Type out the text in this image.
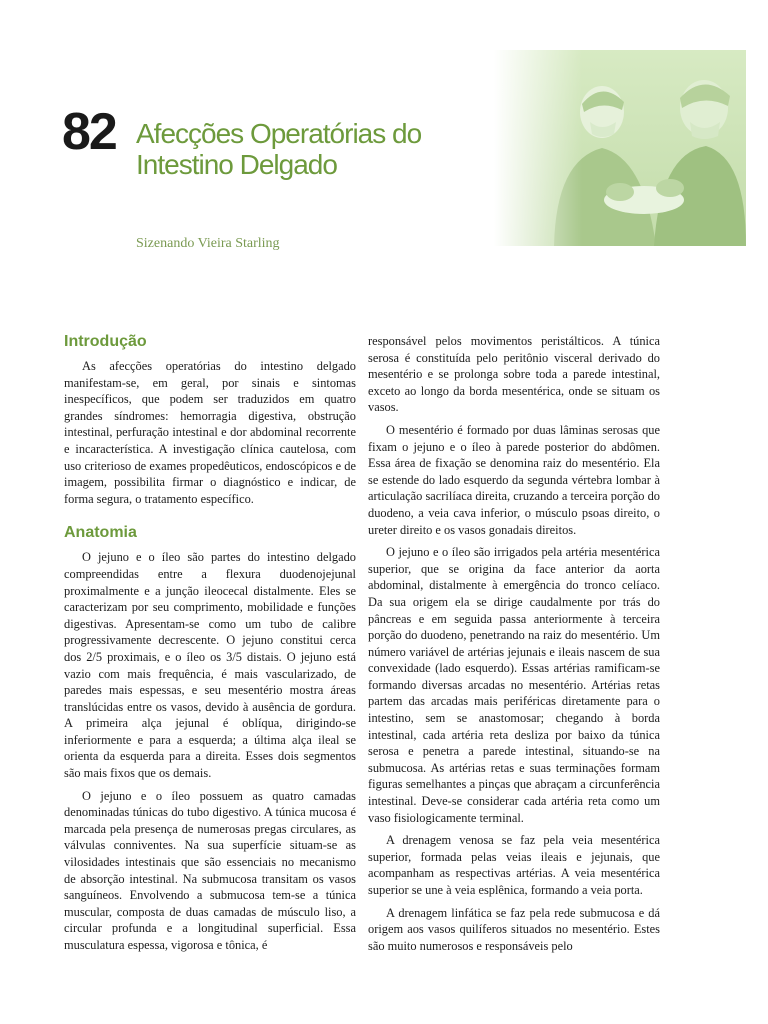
82 Afecções Operatórias do Intestino Delgado
Sizenando Vieira Starling
Introdução

As afecções operatórias do intestino delgado manifestam-se, em geral, por sinais e sintomas inespecíficos, que podem ser traduzidos em quatro grandes síndromes: hemorragia digestiva, obstrução intestinal, perfuração intestinal e dor abdominal recorrente e incaracterística. A investigação clínica cautelosa, com uso criterioso de exames propedêuticos, endoscópicos e de imagem, possibilita firmar o diagnóstico e indicar, de forma segura, o tratamento específico.

Anatomia

O jejuno e o íleo são partes do intestino delgado compreendidas entre a flexura duodenojejunal proximalmente e a junção ileocecal distalmente. Eles se caracterizam por seu comprimento, mobilidade e funções digestivas. Apresentam-se como um tubo de calibre progressivamente decrescente. O jejuno constitui cerca dos 2/5 proximais, e o íleo os 3/5 distais. O jejuno está vazio com mais frequência, é mais vascularizado, de paredes mais espessas, e seu mesentério mostra áreas translúcidas entre os vasos, devido à ausência de gordura. A primeira alça jejunal é oblíqua, dirigindo-se inferiormente e para a esquerda; a última alça ileal se orienta da esquerda para a direita. Esses dois segmentos são mais fixos que os demais.

O jejuno e o íleo possuem as quatro camadas denominadas túnicas do tubo digestivo. A túnica mucosa é marcada pela presença de numerosas pregas circulares, as válvulas conniventes. Na sua superfície situam-se as vilosidades intestinais que são essenciais no mecanismo de absorção intestinal. Na submucosa transitam os vasos sanguíneos. Envolvendo a submucosa tem-se a túnica muscular, composta de duas camadas de músculo liso, a circular profunda e a longitudinal superficial. Essa musculatura espessa, vigorosa e tônica, é

responsável pelos movimentos peristálticos. A túnica serosa é constituída pelo peritônio visceral derivado do mesentério e se prolonga sobre toda a parede intestinal, exceto ao longo da borda mesentérica, onde se situam os vasos.

O mesentério é formado por duas lâminas serosas que fixam o jejuno e o íleo à parede posterior do abdômen. Essa área de fixação se denomina raiz do mesentério. Ela se estende do lado esquerdo da segunda vértebra lombar à articulação sacrilíaca direita, cruzando a terceira porção do duodeno, a veia cava inferior, o músculo psoas direito, o ureter direito e os vasos gonadais direitos.

O jejuno e o íleo são irrigados pela artéria mesentérica superior, que se origina da face anterior da aorta abdominal, distalmente à emergência do tronco celíaco. Da sua origem ela se dirige caudalmente por trás do pâncreas e em seguida passa anteriormente à terceira porção do duodeno, penetrando na raiz do mesentério. Um número variável de artérias jejunais e ileais nascem de sua convexidade (lado esquerdo). Essas artérias ramificam-se formando diversas arcadas no mesentério. Artérias retas partem das arcadas mais periféricas diretamente para o intestino, sem se anastomosar; chegando à borda intestinal, cada artéria reta desliza por baixo da túnica serosa e penetra a parede intestinal, situando-se na submucosa. As artérias retas e suas terminações formam figuras semelhantes a pinças que abraçam a circunferência intestinal. Deve-se considerar cada artéria reta como um vaso fisiologicamente terminal.

A drenagem venosa se faz pela veia mesentérica superior, formada pelas veias ileais e jejunais, que acompanham as respectivas artérias. A veia mesentérica superior se une à veia esplênica, formando a veia porta.

A drenagem linfática se faz pela rede submucosa e dá origem aos vasos quilíferos situados no mesentério. Estes são muito numerosos e responsáveis pelo
